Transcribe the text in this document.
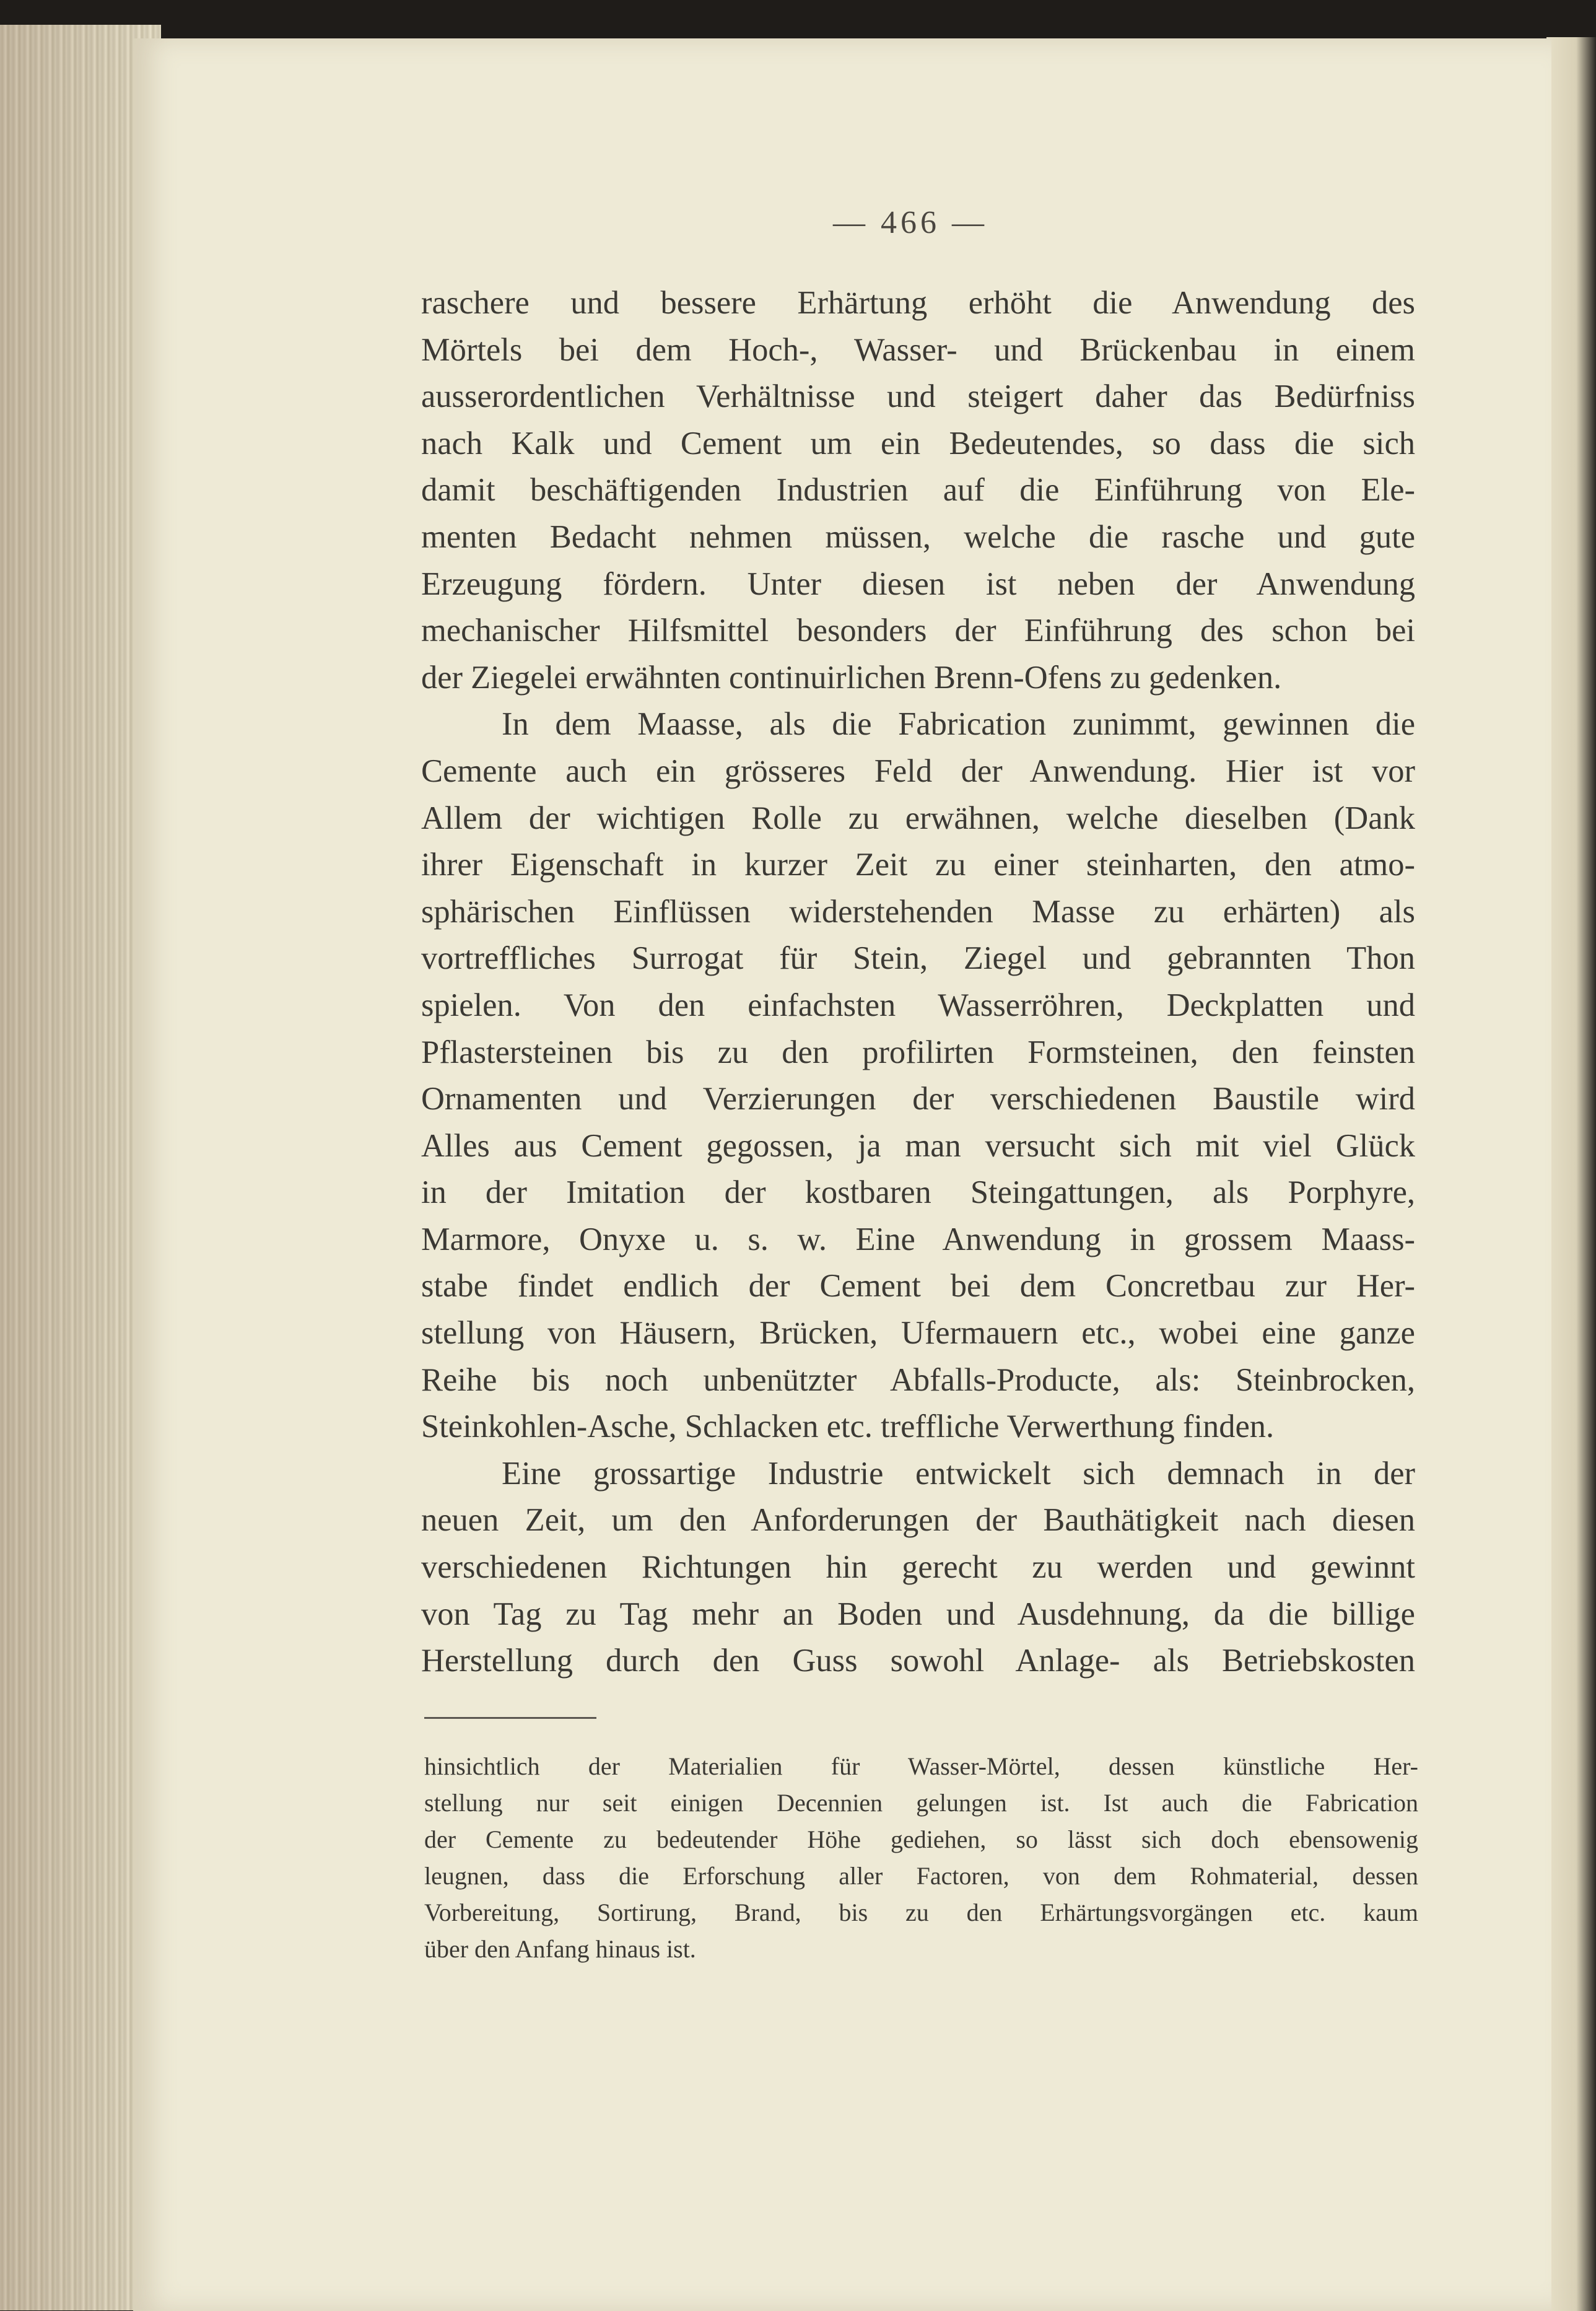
— 466 —
raschere und bessere Erhärtung erhöht die Anwendung des
Mörtels bei dem Hoch-, Wasser- und Brückenbau in einem
ausserordentlichen Verhältnisse und steigert daher das Bedürfniss
nach Kalk und Cement um ein Bedeutendes, so dass die sich
damit beschäftigenden Industrien auf die Einführung von Ele-
menten Bedacht nehmen müssen, welche die rasche und gute
Erzeugung fördern. Unter diesen ist neben der Anwendung
mechanischer Hilfsmittel besonders der Einführung des schon bei
der Ziegelei erwähnten continuirlichen Brenn-Ofens zu gedenken.
In dem Maasse, als die Fabrication zunimmt, gewinnen die
Cemente auch ein grösseres Feld der Anwendung. Hier ist vor
Allem der wichtigen Rolle zu erwähnen, welche dieselben (Dank
ihrer Eigenschaft in kurzer Zeit zu einer steinharten, den atmo-
sphärischen Einflüssen widerstehenden Masse zu erhärten) als
vortreffliches Surrogat für Stein, Ziegel und gebrannten Thon
spielen. Von den einfachsten Wasserröhren, Deckplatten und
Pflastersteinen bis zu den profilirten Formsteinen, den feinsten
Ornamenten und Verzierungen der verschiedenen Baustile wird
Alles aus Cement gegossen, ja man versucht sich mit viel Glück
in der Imitation der kostbaren Steingattungen, als Porphyre,
Marmore, Onyxe u. s. w. Eine Anwendung in grossem Maass-
stabe findet endlich der Cement bei dem Concretbau zur Her-
stellung von Häusern, Brücken, Ufermauern etc., wobei eine ganze
Reihe bis noch unbenützter Abfalls-Producte, als: Steinbrocken,
Steinkohlen-Asche, Schlacken etc. treffliche Verwerthung finden.
Eine grossartige Industrie entwickelt sich demnach in der
neuen Zeit, um den Anforderungen der Bauthätigkeit nach diesen
verschiedenen Richtungen hin gerecht zu werden und gewinnt
von Tag zu Tag mehr an Boden und Ausdehnung, da die billige
Herstellung durch den Guss sowohl Anlage- als Betriebskosten
hinsichtlich der Materialien für Wasser-Mörtel, dessen künstliche Her-
stellung nur seit einigen Decennien gelungen ist. Ist auch die Fabrication
der Cemente zu bedeutender Höhe gediehen, so lässt sich doch ebensowenig
leugnen, dass die Erforschung aller Factoren, von dem Rohmaterial, dessen
Vorbereitung, Sortirung, Brand, bis zu den Erhärtungsvorgängen etc. kaum
über den Anfang hinaus ist.
